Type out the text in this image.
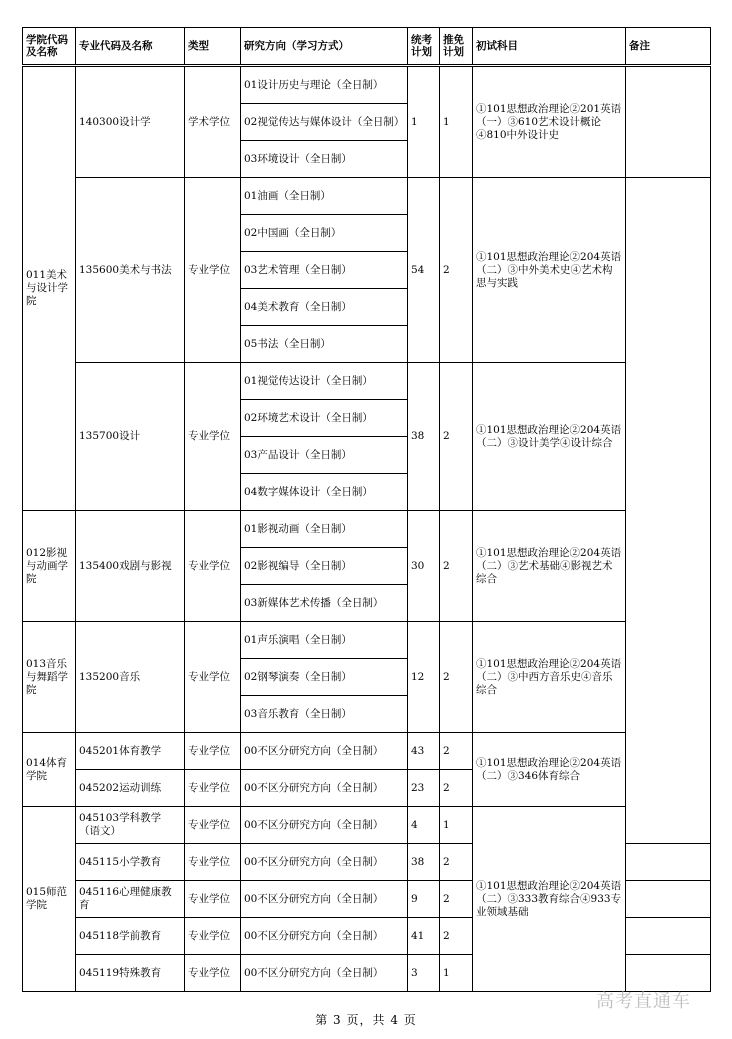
学院代码及名称	专业代码及名称	类型	研究方向（学习方式）	统考计划	推免计划	初试科目	备注	
011美术与设计学院	140300设计学	学术学位	01设计历史与理论（全日制）	1	1	①101思想政治理论②201英语（一）③610艺术设计概论④810中外设计史		
			02视觉传达与媒体设计（全日制）					
			03环境设计（全日制）					
	135600美术与书法	专业学位	01油画（全日制）	54	2	①101思想政治理论②204英语（二）③中外美术史④艺术构思与实践		
			02中国画（全日制）					
			03艺术管理（全日制）					
			04美术教育（全日制）					
			05书法（全日制）					
	135700设计	专业学位	01视觉传达设计（全日制）	38	2	①101思想政治理论②204英语（二）③设计美学④设计综合		
			02环境艺术设计（全日制）					
			03产品设计（全日制）					
			04数字媒体设计（全日制）					
012影视与动画学院	135400戏剧与影视	专业学位	01影视动画（全日制）	30	2	①101思想政治理论②204英语（二）③艺术基础④影视艺术综合		
			02影视编导（全日制）					
			03新媒体艺术传播（全日制）					
013音乐与舞蹈学院	135200音乐	专业学位	01声乐演唱（全日制）	12	2	①101思想政治理论②204英语（二）③中西方音乐史④音乐综合		
			02钢琴演奏（全日制）					
			03音乐教育（全日制）					
014体育学院	045201体育教学	专业学位	00不区分研究方向（全日制）	43	2	①101思想政治理论②204英语（二）③346体育综合		
	045202运动训练	专业学位	00不区分研究方向（全日制）	23	2			
015师范学院	045103学科教学（语文）	专业学位	00不区分研究方向（全日制）	4	1	①101思想政治理论②204英语（二）③333教育综合④933专业领域基础		
	045115小学教育	专业学位	00不区分研究方向（全日制）	38	2			
	045116心理健康教育	专业学位	00不区分研究方向（全日制）	9	2			
	045118学前教育	专业学位	00不区分研究方向（全日制）	41	2			
	045119特殊教育	专业学位	00不区分研究方向（全日制）	3	1			
第 3 页，共 4 页
高考直通车
